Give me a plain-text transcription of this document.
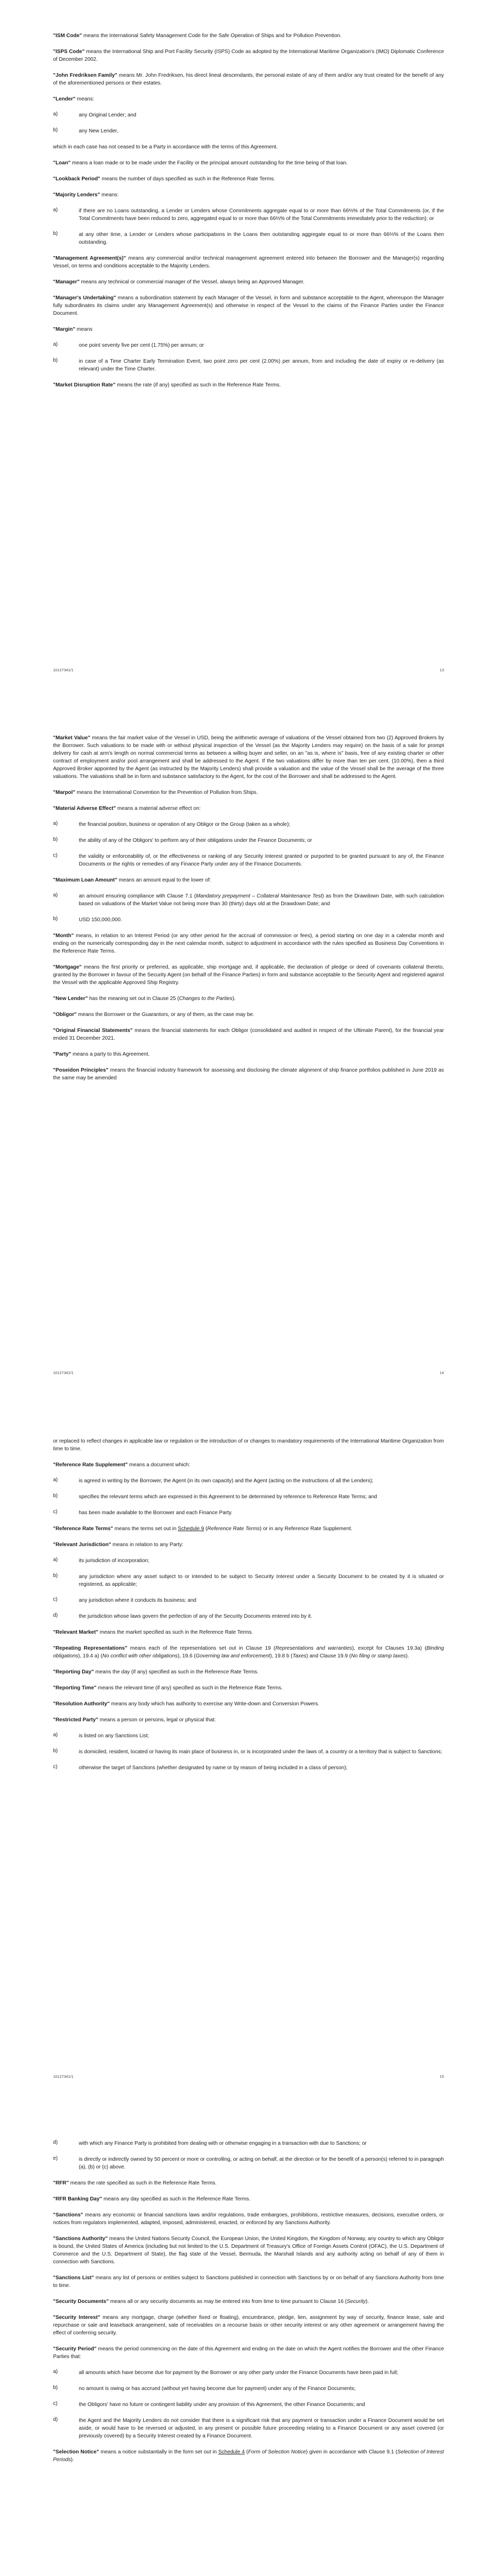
"ISM Code" means the International Safety Management Code for the Safe Operation of Ships and for Pollution Prevention.

"ISPS Code" means the International Ship and Port Facility Security (ISPS) Code as adopted by the International Maritime Organization's (IMO) Diplomatic Conference of December 2002.

"John Fredriksen Family" means Mr. John Fredriksen, his direct lineal descendants, the personal estate of any of them and/or any trust created for the benefit of any of the aforementioned persons or their estates.

"Lender" means:

a)	any Original Lender; and
b)	any New Lender,

which in each case has not ceased to be a Party in accordance with the terms of this Agreement.

"Loan" means a loan made or to be made under the Facility or the principal amount outstanding for the time being of that loan.

"Lookback Period" means the number of days specified as such in the Reference Rate Terms.

"Majority Lenders" means:

a)	if there are no Loans outstanding, a Lender or Lenders whose Commitments aggregate equal to or more than 66⅔% of the Total Commitments (or, if the Total Commitments have been reduced to zero, aggregated equal to or more than 66⅔% of the Total Commitments immediately prior to the reduction); or
b)	at any other time, a Lender or Lenders whose participations in the Loans then outstanding aggregate equal to or more than 66⅔% of the Loans then outstanding.

"Management Agreement(s)" means any commercial and/or technical management agreement entered into between the Borrower and the Manager(s) regarding Vessel, on terms and conditions acceptable to the Majority Lenders.

"Manager" means any technical or commercial manager of the Vessel, always being an Approved Manager.

"Manager's Undertaking" means a subordination statement by each Manager of the Vessel, in form and substance acceptable to the Agent, whereupon the Manager fully subordinates its claims under any Management Agreement(s) and otherwise in respect of the Vessel to the claims of the Finance Parties under the Finance Document.

"Margin" means

a)	one point seventy five per cent (1.75%) per annum; or
b)	in case of a Time Charter Early Termination Event, two point zero per cent (2.00%) per annum, from and including the date of expiry or re-delivery (as relevant) under the Time Charter.

"Market Disruption Rate" means the rate (if any) specified as such in the Reference Rate Terms.

10127341/1	13

"Market Value" means the fair market value of the Vessel in USD, being the arithmetic average of valuations of the Vessel obtained from two (2) Approved Brokers by the Borrower. Such valuations to be made with or without physical inspection of the Vessel (as the Majority Lenders may require) on the basis of a sale for prompt delivery for cash at arm's length on normal commercial terms as between a willing buyer and seller, on an "as is, where is" basis, free of any existing charter or other contract of employment and/or pool arrangement and shall be addressed to the Agent. If the two valuations differ by more than ten per cent. (10.00%), then a third Approved Broker appointed by the Agent (as instructed by the Majority Lenders) shall provide a valuation and the value of the Vessel shall be the average of the three valuations. The valuations shall be in form and substance satisfactory to the Agent, for the cost of the Borrower and shall be addressed to the Agent.

"Marpol" means the International Convention for the Prevention of Pollution from Ships.

"Material Adverse Effect" means a material adverse effect on:

a)	the financial position, business or operation of any Obligor or the Group (taken as a whole);
b)	the ability of any of the Obligors' to perform any of their obligations under the Finance Documents; or
c)	the validity or enforceability of, or the effectiveness or ranking of any Security Interest granted or purported to be granted pursuant to any of, the Finance Documents or the rights or remedies of any Finance Party under any of the Finance Documents.

"Maximum Loan Amount" means an amount equal to the lower of:

a)	an amount ensuring compliance with Clause 7.1 (Mandatory prepayment – Collateral Maintenance Test) as from the Drawdown Date, with such calculation based on valuations of the Market Value not being more than 30 (thirty) days old at the Drawdown Date; and
b)	USD 150,000,000.

"Month" means, in relation to an Interest Period (or any other period for the accrual of commission or fees), a period starting on one day in a calendar month and ending on the numerically corresponding day in the next calendar month, subject to adjustment in accordance with the rules specified as Business Day Conventions in the Reference Rate Terms.

"Mortgage" means the first priority or preferred, as applicable, ship mortgage and, if applicable, the declaration of pledge or deed of covenants collateral thereto, granted by the Borrower in favour of the Security Agent (on behalf of the Finance Parties) in form and substance acceptable to the Security Agent and registered against the Vessel with the applicable Approved Ship Registry.

"New Lender" has the meaning set out in Clause 25 (Changes to the Parties).

"Obligor" means the Borrower or the Guarantors, or any of them, as the case may be.

"Original Financial Statements" means the financial statements for each Obligor (consolidated and audited in respect of the Ultimate Parent), for the financial year ended 31 December 2021.

"Party" means a party to this Agreement.

"Poseidon Principles" means the financial industry framework for assessing and disclosing the climate alignment of ship finance portfolios published in June 2019 as the same may be amended

10127341/1	14

or replaced to reflect changes in applicable law or regulation or the introduction of or changes to mandatory requirements of the International Maritime Organization from time to time.

"Reference Rate Supplement" means a document which:

a)	is agreed in writing by the Borrower, the Agent (in its own capacity) and the Agent (acting on the instructions of all the Lenders);
b)	specifies the relevant terms which are expressed in this Agreement to be determined by reference to Reference Rate Terms; and
c)	has been made available to the Borrower and each Finance Party.

"Reference Rate Terms" means the terms set out in Schedule 9 (Reference Rate Terms) or in any Reference Rate Supplement.

"Relevant Jurisdiction" means in relation to any Party:

a)	its jurisdiction of incorporation;
b)	any jurisdiction where any asset subject to or intended to be subject to Security Interest under a Security Document to be created by it is situated or registered, as applicable;
c)	any jurisdiction where it conducts its business; and
d)	the jurisdiction whose laws govern the perfection of any of the Security Documents entered into by it.

"Relevant Market" means the market specified as such in the Reference Rate Terms.

"Repeating Representations" means each of the representations set out in Clause 19 (Representations and warranties), except for Clauses 19.3a) (Binding obligations), 19.4 a) (No conflict with other obligations), 19.6 (Governing law and enforcement), 19.8 b (Taxes) and Clause 19.9 (No filing or stamp taxes).

"Reporting Day" means the day (if any) specified as such in the Reference Rate Terms.

"Reporting Time" means the relevant time (if any) specified as such in the Reference Rate Terms.

"Resolution Authority" means any body which has authority to exercise any Write-down and Conversion Powers.

"Restricted Party" means a person or persons, legal or physical that:

a)	is listed on any Sanctions List;
b)	is domiciled, resident, located or having its main place of business in, or is incorporated under the laws of, a country or a territory that is subject to Sanctions;
c)	otherwise the target of Sanctions (whether designated by name or by reason of being included in a class of person);
10127341/1	15
d)	with which any Finance Party is prohibited from dealing with or otherwise engaging in a transaction with due to Sanctions; or
e)	is directly or indirectly owned by 50 percent or more or controlling, or acting on behalf, at the direction or for the benefit of a person(s) referred to in paragraph (a), (b) or (c) above.

"RFR" means the rate specified as such in the Reference Rate Terms.

"RFR Banking Day" means any day specified as such in the Reference Rate Terms.

"Sanctions" means any economic or financial sanctions laws and/or regulations, trade embargoes, prohibitions, restrictive measures, decisions, executive orders, or notices from regulators implemented, adapted, imposed, administered, enacted, or enforced by any Sanctions Authority.

"Sanctions Authority" means the United Nations Security Council, the European Union, the United Kingdom, the Kingdom of Norway, any country to which any Obligor is bound, the United States of America (including but not limited to the U.S. Department of Treasury's Office of Foreign Assets Control (OFAC), the U.S. Department of Commerce and the U.S. Department of State), the flag state of the Vessel, Bermuda, the Marshall Islands and any authority acting on behalf of any of them in connection with Sanctions.

"Sanctions List" means any list of persons or entities subject to Sanctions published in connection with Sanctions by or on behalf of any Sanctions Authority from time to time.

"Security Documents" means all or any security documents as may be entered into from time to time pursuant to Clause 16 (Security).

"Security Interest" means any mortgage, charge (whether fixed or floating), encumbrance, pledge, lien, assignment by way of security, finance lease, sale and repurchase or sale and leaseback arrangement, sale of receivables on a recourse basis or other security interest or any other agreement or arrangement having the effect of conferring security.

"Security Period" means the period commencing on the date of this Agreement and ending on the date on which the Agent notifies the Borrower and the other Finance Parties that:

a)	all amounts which have become due for payment by the Borrower or any other party under the Finance Documents have been paid in full;
b)	no amount is owing or has accrued (without yet having become due for payment) under any of the Finance Documents;
c)	the Obligors' have no future or contingent liability under any provision of this Agreement, the other Finance Documents; and
d)	the Agent and the Majority Lenders do not consider that there is a significant risk that any payment or transaction under a Finance Document would be set aside, or would have to be reversed or adjusted, in any present or possible future proceeding relating to a Finance Document or any asset covered (or previously covered) by a Security Interest created by a Finance Document.

"Selection Notice" means a notice substantially in the form set out in Schedule 4 (Form of Selection Notice) given in accordance with Clause 9.1 (Selection of Interest Periods).
